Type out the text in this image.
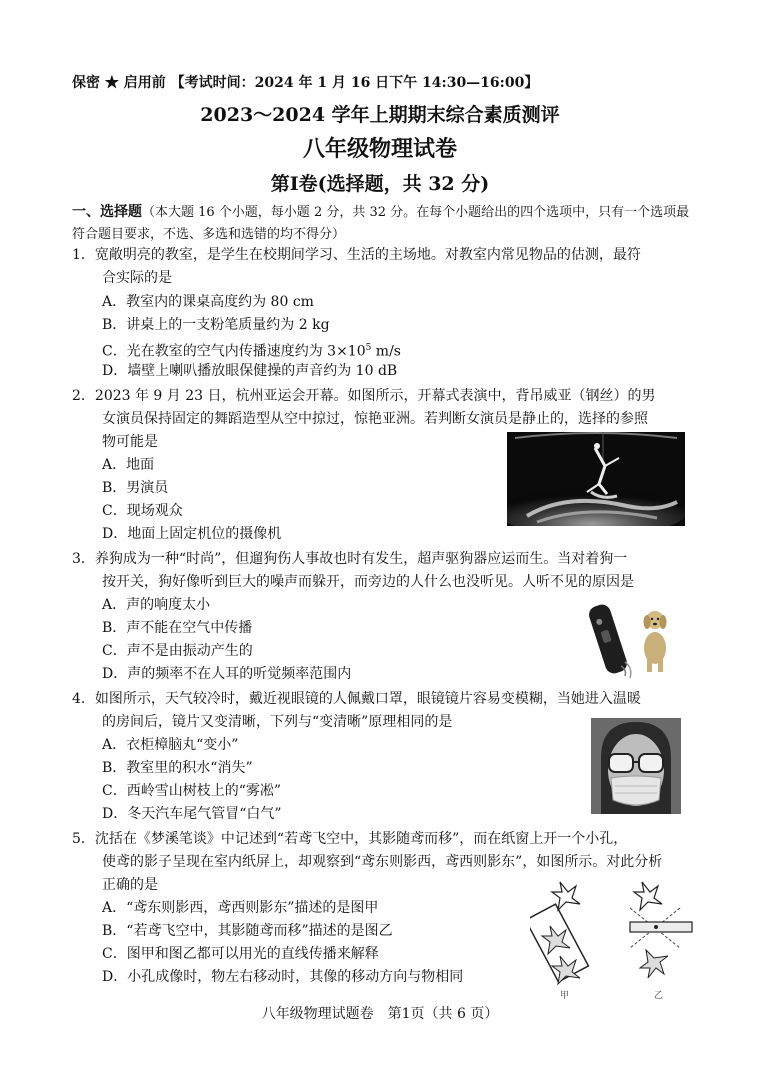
保密 ★ 启用前 【考试时间：2024 年 1 月 16 日下午 14:30—16:00】
2023～2024 学年上期期末综合素质测评
八年级物理试卷
第Ⅰ卷(选择题，共 32 分)
一、选择题（本大题 16 个小题，每小题 2 分，共 32 分。在每个小题给出的四个选项中，只有一个选项最符合题目要求，不选、多选和选错的均不得分）
1．宽敞明亮的教室，是学生在校期间学习、生活的主场地。对教室内常见物品的估测，最符
合实际的是
A．教室内的课桌高度约为 80 cm
B．讲桌上的一支粉笔质量约为 2 kg
C．光在教室的空气内传播速度约为 $3\times 10^5$ m/s
D．墙壁上喇叭播放眼保健操的声音约为 10 dB
2．2023 年 9 月 23 日，杭州亚运会开幕。如图所示，开幕式表演中，背吊威亚（钢丝）的男
女演员保持固定的舞蹈造型从空中掠过，惊艳亚洲。若判断女演员是静止的，选择的参照
物可能是
A．地面
B．男演员
C．现场观众
D．地面上固定机位的摄像机
3．养狗成为一种“时尚”，但遛狗伤人事故也时有发生，超声驱狗器应运而生。当对着狗一
按开关，狗好像听到巨大的噪声而躲开，而旁边的人什么也没听见。人听不见的原因是
A．声的响度太小
B．声不能在空气中传播
C．声不是由振动产生的
D．声的频率不在人耳的听觉频率范围内
4．如图所示，天气较冷时，戴近视眼镜的人佩戴口罩，眼镜镜片容易变模糊，当她进入温暖
的房间后，镜片又变清晰，下列与“变清晰”原理相同的是
A．衣柜樟脑丸“变小”
B．教室里的积水“消失”
C．西岭雪山树枝上的“雾凇”
D．冬天汽车尾气管冒“白气”
5．沈括在《梦溪笔谈》中记述到“若鸢飞空中，其影随鸢而移”，而在纸窗上开一个小孔，
使鸢的影子呈现在室内纸屏上，却观察到“鸢东则影西，鸢西则影东”，如图所示。对此分析
正确的是
A．“鸢东则影西，鸢西则影东”描述的是图甲
B．“若鸢飞空中，其影随鸢而移”描述的是图乙
C．图甲和图乙都可以用光的直线传播来解释
D．小孔成像时，物左右移动时，其像的移动方向与物相同
甲	乙
八年级物理试题卷　第1页（共 6 页）
